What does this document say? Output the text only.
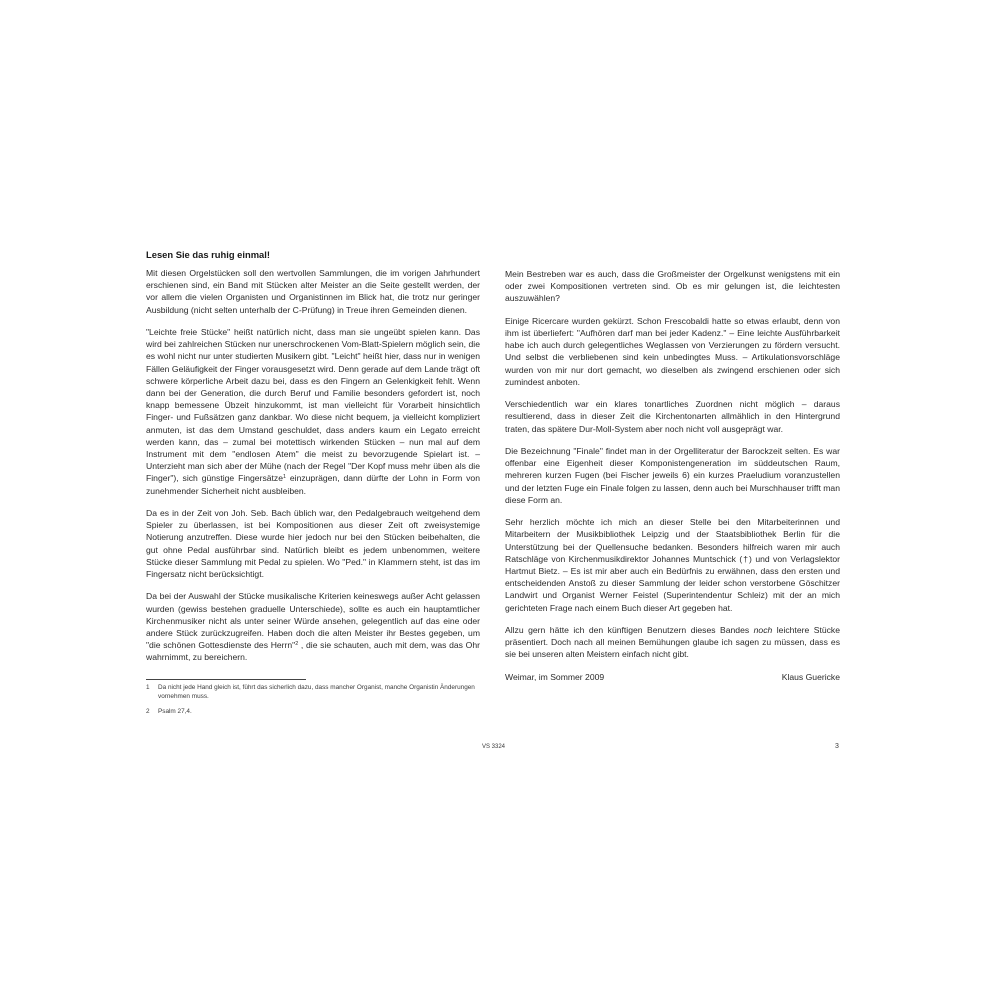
Lesen Sie das ruhig einmal!

Mit diesen Orgelstücken soll den wertvollen Sammlungen, die im vorigen Jahrhundert erschienen sind, ein Band mit Stücken alter Meister an die Seite gestellt werden, der vor allem die vielen Organisten und Organistinnen im Blick hat, die trotz nur geringer Ausbildung (nicht selten unterhalb der C-Prüfung) in Treue ihren Gemeinden dienen.

"Leichte freie Stücke" heißt natürlich nicht, dass man sie ungeübt spielen kann. Das wird bei zahlreichen Stücken nur unerschrockenen Vom-Blatt-Spielern möglich sein, die es wohl nicht nur unter studierten Musikern gibt. "Leicht" heißt hier, dass nur in wenigen Fällen Geläufigkeit der Finger vorausgesetzt wird. Denn gerade auf dem Lande trägt oft schwere körperliche Arbeit dazu bei, dass es den Fingern an Gelenkigkeit fehlt. Wenn dann bei der Generation, die durch Beruf und Familie besonders gefordert ist, noch knapp bemessene Übzeit hinzukommt, ist man vielleicht für Vorarbeit hinsichtlich Finger- und Fußsätzen ganz dankbar. Wo diese nicht bequem, ja vielleicht kompliziert anmuten, ist das dem Umstand geschuldet, dass anders kaum ein Legato erreicht werden kann, das – zumal bei motettisch wirkenden Stücken – nun mal auf dem Instrument mit dem "endlosen Atem" die meist zu bevorzugende Spielart ist. – Unterzieht man sich aber der Mühe (nach der Regel "Der Kopf muss mehr üben als die Finger"), sich günstige Fingersätze$^1$ einzuprägen, dann dürfte der Lohn in Form von zunehmender Sicherheit nicht ausbleiben.

Da es in der Zeit von Joh. Seb. Bach üblich war, den Pedalgebrauch weitgehend dem Spieler zu überlassen, ist bei Kompositionen aus dieser Zeit oft zweisystemige Notierung anzutreffen. Diese wurde hier jedoch nur bei den Stücken beibehalten, die gut ohne Pedal ausführbar sind. Natürlich bleibt es jedem unbenommen, weitere Stücke dieser Sammlung mit Pedal zu spielen. Wo "Ped." in Klammern steht, ist das im Fingersatz nicht berücksichtigt.

Da bei der Auswahl der Stücke musikalische Kriterien keineswegs außer Acht gelassen wurden (gewiss bestehen graduelle Unterschiede), sollte es auch ein hauptamtlicher Kirchenmusiker nicht als unter seiner Würde ansehen, gelegentlich auf das eine oder andere Stück zurückzugreifen. Haben doch die alten Meister ihr Bestes gegeben, um "die schönen Gottesdienste des Herrn"$^2$ , die sie schauten, auch mit dem, was das Ohr wahrnimmt, zu bereichern.

Mein Bestreben war es auch, dass die Großmeister der Orgelkunst wenigstens mit ein oder zwei Kompositionen vertreten sind. Ob es mir gelungen ist, die leichtesten auszuwählen?

Einige Ricercare wurden gekürzt. Schon Frescobaldi hatte so etwas erlaubt, denn von ihm ist überliefert: "Aufhören darf man bei jeder Kadenz." – Eine leichte Ausführbarkeit habe ich auch durch gelegentliches Weglassen von Verzierungen zu fördern versucht. Und selbst die verbliebenen sind kein unbedingtes Muss. – Artikulationsvorschläge wurden von mir nur dort gemacht, wo dieselben als zwingend erschienen oder sich zumindest anboten.

Verschiedentlich war ein klares tonartliches Zuordnen nicht möglich – daraus resultierend, dass in dieser Zeit die Kirchentonarten allmählich in den Hintergrund traten, das spätere Dur-Moll-System aber noch nicht voll ausgeprägt war.

Die Bezeichnung "Finale" findet man in der Orgelliteratur der Barockzeit selten. Es war offenbar eine Eigenheit dieser Komponistengeneration im süddeutschen Raum, mehreren kurzen Fugen (bei Fischer jeweils 6) ein kurzes Praeludium voranzustellen und der letzten Fuge ein Finale folgen zu lassen, denn auch bei Murschhauser trifft man diese Form an.

Sehr herzlich möchte ich mich an dieser Stelle bei den Mitarbeiterinnen und Mitarbeitern der Musikbibliothek Leipzig und der Staatsbibliothek Berlin für die Unterstützung bei der Quellensuche bedanken. Besonders hilfreich waren mir auch Ratschläge von Kirchenmusikdirektor Johannes Muntschick (†) und von Verlagslektor Hartmut Bietz. – Es ist mir aber auch ein Bedürfnis zu erwähnen, dass den ersten und entscheidenden Anstoß zu dieser Sammlung der leider schon verstorbene Göschitzer Landwirt und Organist Werner Feistel (Superintendentur Schleiz) mit der an mich gerichteten Frage nach einem Buch dieser Art gegeben hat.

Allzu gern hätte ich den künftigen Benutzern dieses Bandes noch leichtere Stücke präsentiert. Doch nach all meinen Bemühungen glaube ich sagen zu müssen, dass es sie bei unseren alten Meistern einfach nicht gibt.

Weimar, im Sommer 2009	Klaus Guericke
1	Da nicht jede Hand gleich ist, führt das sicherlich dazu, dass mancher Organist, manche Organistin Änderungen vornehmen muss.
2	Psalm 27,4.
VS 3324	3
